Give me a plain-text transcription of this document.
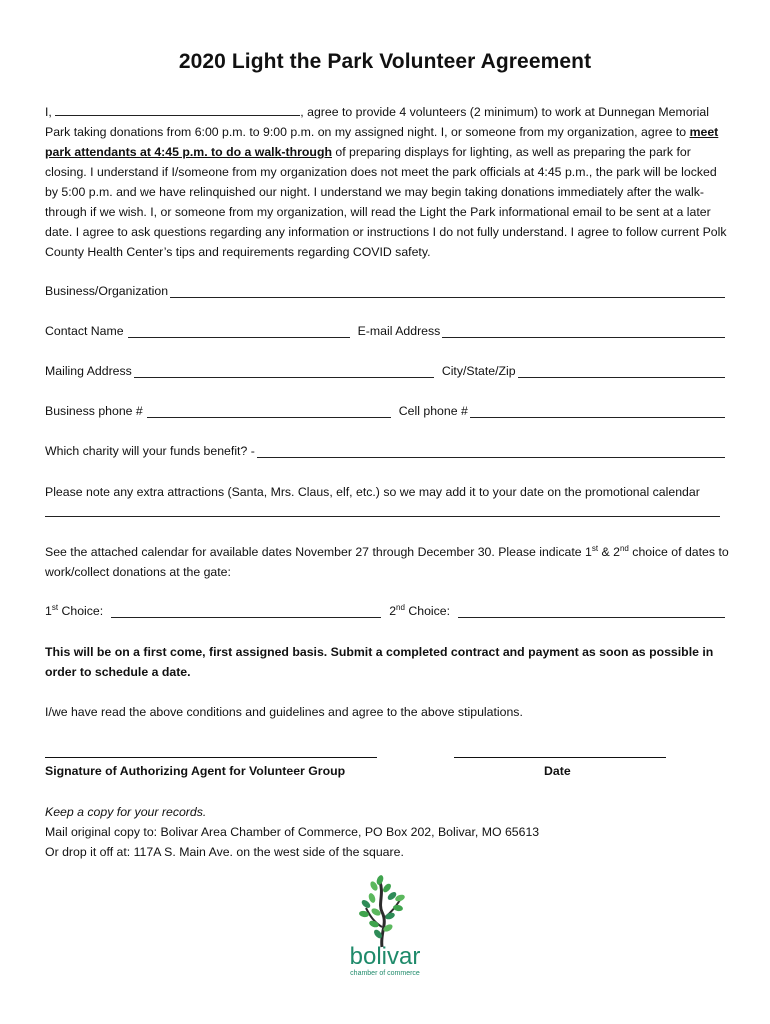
2020 Light the Park Volunteer Agreement
I,	, agree to provide 4 volunteers (2 minimum) to work at Dunnegan Memorial Park taking donations from 6:00 p.m. to 9:00 p.m. on my assigned night. I, or someone from my organization, agree to meet park attendants at 4:45 p.m. to do a walk-through of preparing displays for lighting, as well as preparing the park for closing. I understand if I/someone from my organization does not meet the park officials at 4:45 p.m., the park will be locked by 5:00 p.m. and we have relinquished our night. I understand we may begin taking donations immediately after the walk-through if we wish. I, or someone from my organization, will read the Light the Park informational email to be sent at a later date. I agree to ask questions regarding any information or instructions I do not fully understand. I agree to follow current Polk County Health Center’s tips and requirements regarding COVID safety.
Business/Organization
Contact Name	E-mail Address
Mailing Address	City/State/Zip
Business phone #	Cell phone #
Which charity will your funds benefit? -
Please note any extra attractions (Santa, Mrs. Claus, elf, etc.) so we may add it to your date on the promotional calendar
See the attached calendar for available dates November 27 through December 30. Please indicate 1st & 2nd choice of dates to work/collect donations at the gate:
1st Choice:	2nd Choice:
This will be on a first come, first assigned basis. Submit a completed contract and payment as soon as possible in order to schedule a date.
I/we have read the above conditions and guidelines and agree to the above stipulations.
Signature of Authorizing Agent for Volunteer Group	Date
Keep a copy for your records.
Mail original copy to: Bolivar Area Chamber of Commerce, PO Box 202, Bolivar, MO 65613
Or drop it off at: 117A S. Main Ave. on the west side of the square.
bolivar
chamber of commerce
